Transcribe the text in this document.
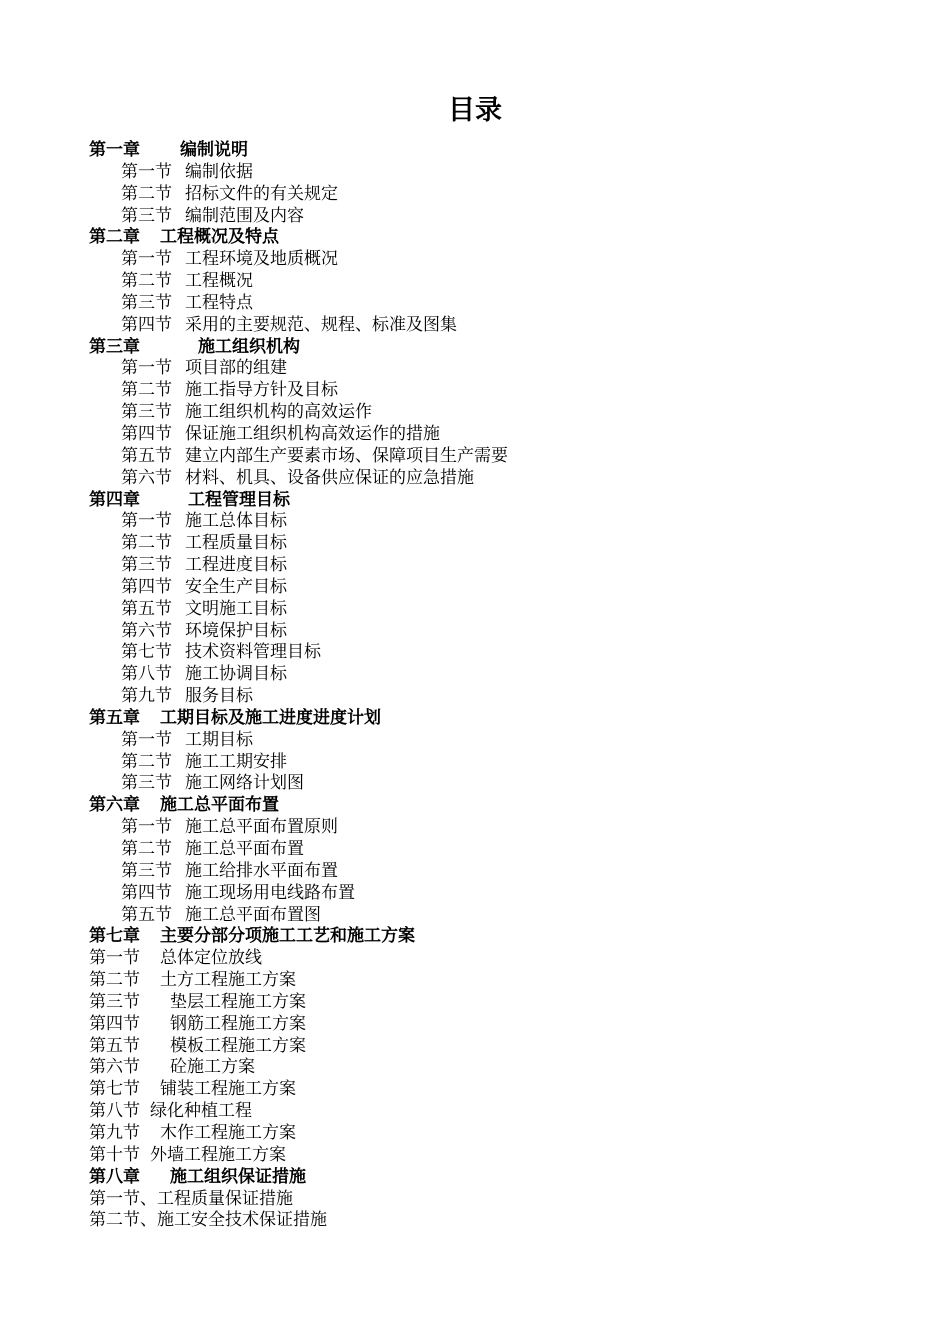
目录
第一章 编制说明
第一节 编制依据
第二节 招标文件的有关规定
第三节 编制范围及内容
第二章 工程概况及特点
第一节 工程环境及地质概况
第二节 工程概况
第三节 工程特点
第四节 采用的主要规范、规程、标准及图集
第三章	施工组织机构
第一节 项目部的组建
第二节 施工指导方针及目标
第三节 施工组织机构的高效运作
第四节 保证施工组织机构高效运作的措施
第五节 建立内部生产要素市场、保障项目生产需要
第六节 材料、机具、设备供应保证的应急措施
第四章	工程管理目标
第一节 施工总体目标
第二节 工程质量目标
第三节 工程进度目标
第四节 安全生产目标
第五节 文明施工目标
第六节 环境保护目标
第七节 技术资料管理目标
第八节 施工协调目标
第九节 服务目标
第五章 工期目标及施工进度进度计划
第一节 工期目标
第二节 施工工期安排
第三节 施工网络计划图
第六章 施工总平面布置
第一节 施工总平面布置原则
第二节 施工总平面布置
第三节 施工给排水平面布置
第四节 施工现场用电线路布置
第五节 施工总平面布置图
第七章 主要分部分项施工工艺和施工方案
第一节 总体定位放线
第二节 土方工程施工方案
第三节 垫层工程施工方案
第四节 钢筋工程施工方案
第五节 模板工程施工方案
第六节 砼施工方案
第七节 铺装工程施工方案
第八节 绿化种植工程
第九节 木作工程施工方案
第十节 外墙工程施工方案
第八章 施工组织保证措施
第一节、工程质量保证措施
第二节、施工安全技术保证措施
